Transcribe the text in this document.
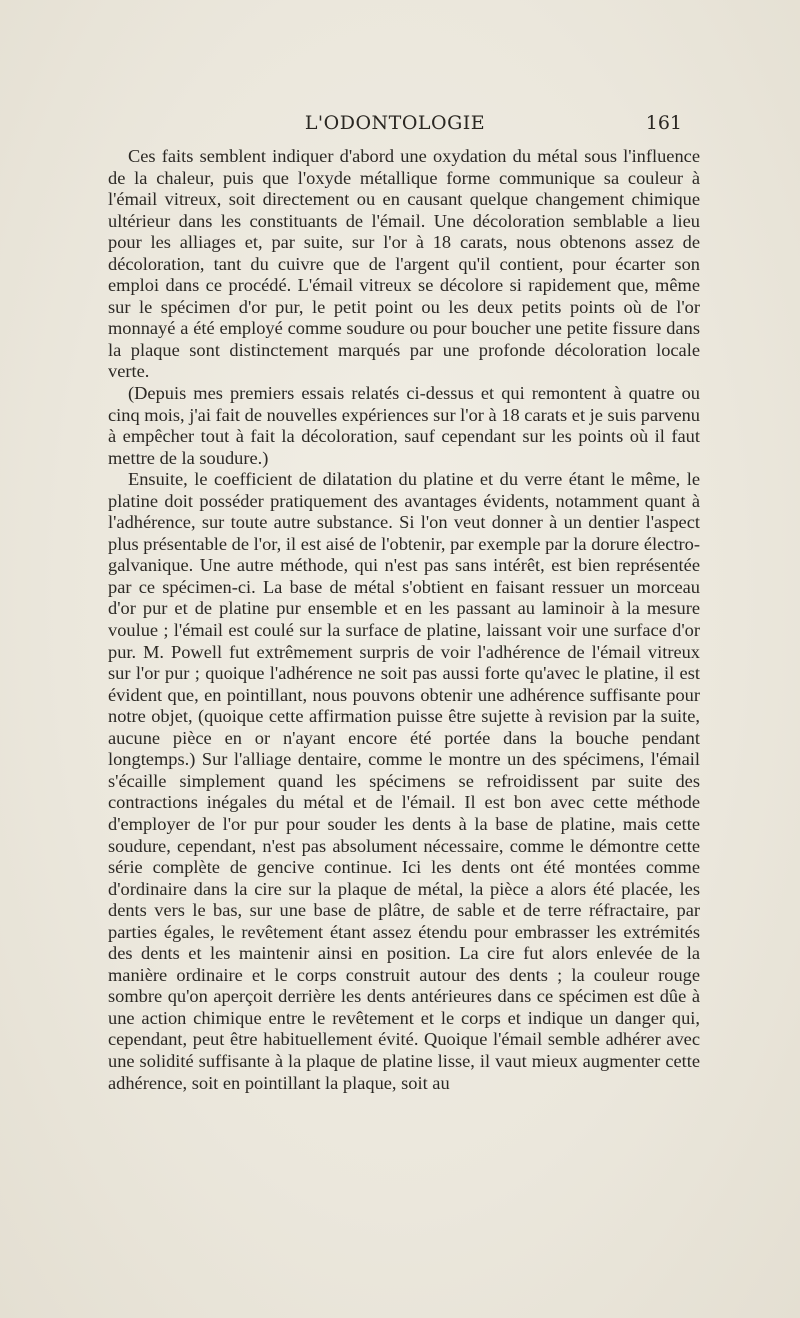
L'ODONTOLOGIE	161

Ces faits semblent indiquer d'abord une oxydation du métal sous l'influence de la chaleur, puis que l'oxyde métallique forme communique sa couleur à l'émail vitreux, soit directement ou en causant quelque changement chimique ultérieur dans les constituants de l'émail. Une décoloration semblable a lieu pour les alliages et, par suite, sur l'or à 18 carats, nous obtenons assez de décoloration, tant du cuivre que de l'argent qu'il contient, pour écarter son emploi dans ce procédé. L'émail vitreux se décolore si rapidement que, même sur le spécimen d'or pur, le petit point ou les deux petits points où de l'or monnayé a été employé comme soudure ou pour boucher une petite fissure dans la plaque sont distinctement marqués par une profonde décoloration locale verte.

(Depuis mes premiers essais relatés ci-dessus et qui remontent à quatre ou cinq mois, j'ai fait de nouvelles expériences sur l'or à 18 carats et je suis parvenu à empêcher tout à fait la décoloration, sauf cependant sur les points où il faut mettre de la soudure.)

Ensuite, le coefficient de dilatation du platine et du verre étant le même, le platine doit posséder pratiquement des avantages évidents, notamment quant à l'adhérence, sur toute autre substance. Si l'on veut donner à un dentier l'aspect plus présentable de l'or, il est aisé de l'obtenir, par exemple par la dorure électro-galvanique. Une autre méthode, qui n'est pas sans intérêt, est bien représentée par ce spécimen-ci. La base de métal s'obtient en faisant ressuer un morceau d'or pur et de platine pur ensemble et en les passant au laminoir à la mesure voulue ; l'émail est coulé sur la surface de platine, laissant voir une surface d'or pur. M. Powell fut extrêmement surpris de voir l'adhérence de l'émail vitreux sur l'or pur ; quoique l'adhérence ne soit pas aussi forte qu'avec le platine, il est évident que, en pointillant, nous pouvons obtenir une adhérence suffisante pour notre objet, (quoique cette affirmation puisse être sujette à revision par la suite, aucune pièce en or n'ayant encore été portée dans la bouche pendant longtemps.) Sur l'alliage dentaire, comme le montre un des spécimens, l'émail s'écaille simplement quand les spécimens se refroidissent par suite des contractions inégales du métal et de l'émail. Il est bon avec cette méthode d'employer de l'or pur pour souder les dents à la base de platine, mais cette soudure, cependant, n'est pas absolument nécessaire, comme le démontre cette série complète de gencive continue. Ici les dents ont été montées comme d'ordinaire dans la cire sur la plaque de métal, la pièce a alors été placée, les dents vers le bas, sur une base de plâtre, de sable et de terre réfractaire, par parties égales, le revêtement étant assez étendu pour embrasser les extrémités des dents et les maintenir ainsi en position. La cire fut alors enlevée de la manière ordinaire et le corps construit autour des dents ; la couleur rouge sombre qu'on aperçoit derrière les dents antérieures dans ce spécimen est dûe à une action chimique entre le revêtement et le corps et indique un danger qui, cependant, peut être habituellement évité. Quoique l'émail semble adhérer avec une solidité suffisante à la plaque de platine lisse, il vaut mieux augmenter cette adhérence, soit en pointillant la plaque, soit au
